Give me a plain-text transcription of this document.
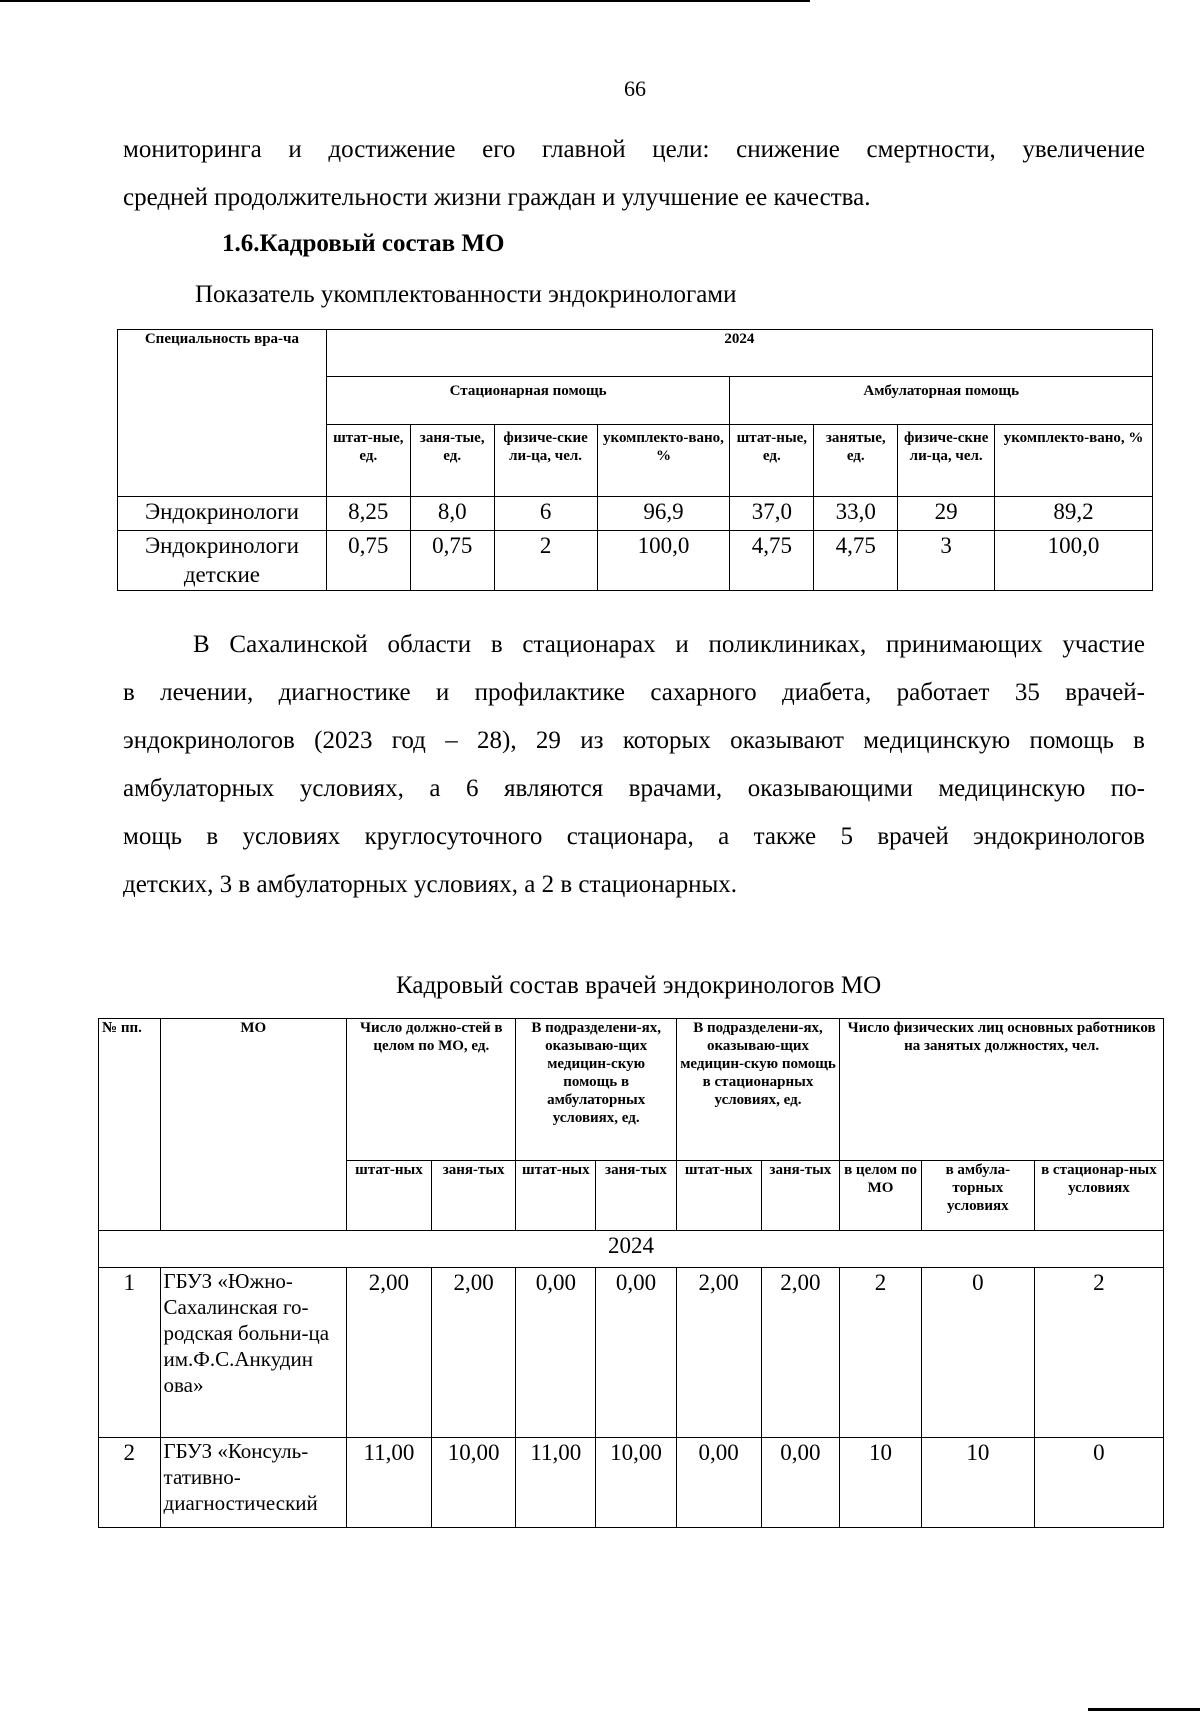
66
мониторинга и достижение его главной цели: снижение смертности, увеличение
средней продолжительности жизни граждан и улучшение ее качества.
1.6.Кадровый состав МО
Показатель укомплектованности эндокринологами
Специальность вра-ча	2024							
	Стационарная помощь				Амбулаторная помощь			
	штат-ные, ед.	заня-тые, ед.	физиче-ские ли-ца, чел.	укомплекто-вано, %	штат-ные, ед.	занятые, ед.	физиче-скне ли-ца, чел.	укомплекто-вано, %
Эндокринологи	8,25	8,0	6	96,9	37,0	33,0	29	89,2
Эндокринологи детские	0,75	0,75	2	100,0	4,75	4,75	3	100,0
В Сахалинской области в стационарах и поликлиниках, принимающих участие
в лечении, диагностике и профилактике сахарного диабета, работает 35 врачей-
эндокринологов (2023 год – 28), 29 из которых оказывают медицинскую помощь в
амбулаторных условиях, а 6 являются врачами, оказывающими медицинскую по-
мощь в условиях круглосуточного стационара, а также 5 врачей эндокринологов
детских, 3 в амбулаторных условиях, а 2 в стационарных.
Кадровый состав врачей эндокринологов МО
№ пп.	МО	Число должно-стей в целом по МО, ед.		В подразделени-ях, оказываю-щих медицин-скую помощь в амбулаторных условиях, ед.		В подразделени-ях, оказываю-щих медицин-скую помощь в стационарных условиях, ед.		Число физических лиц основных работников на занятых должностях, чел.		
		штат-ных	заня-тых	штат-ных	заня-тых	штат-ных	заня-тых	в целом по МО	в амбула-торных условиях	в стационар-ных условиях
2024										
1	ГБУЗ «Южно-Сахалинская го-родская больни-ца им.Ф.С.Анкудин ова»	2,00	2,00	0,00	0,00	2,00	2,00	2	0	2
2	ГБУЗ «Консуль-тативно-диагностический	11,00	10,00	11,00	10,00	0,00	0,00	10	10	0
